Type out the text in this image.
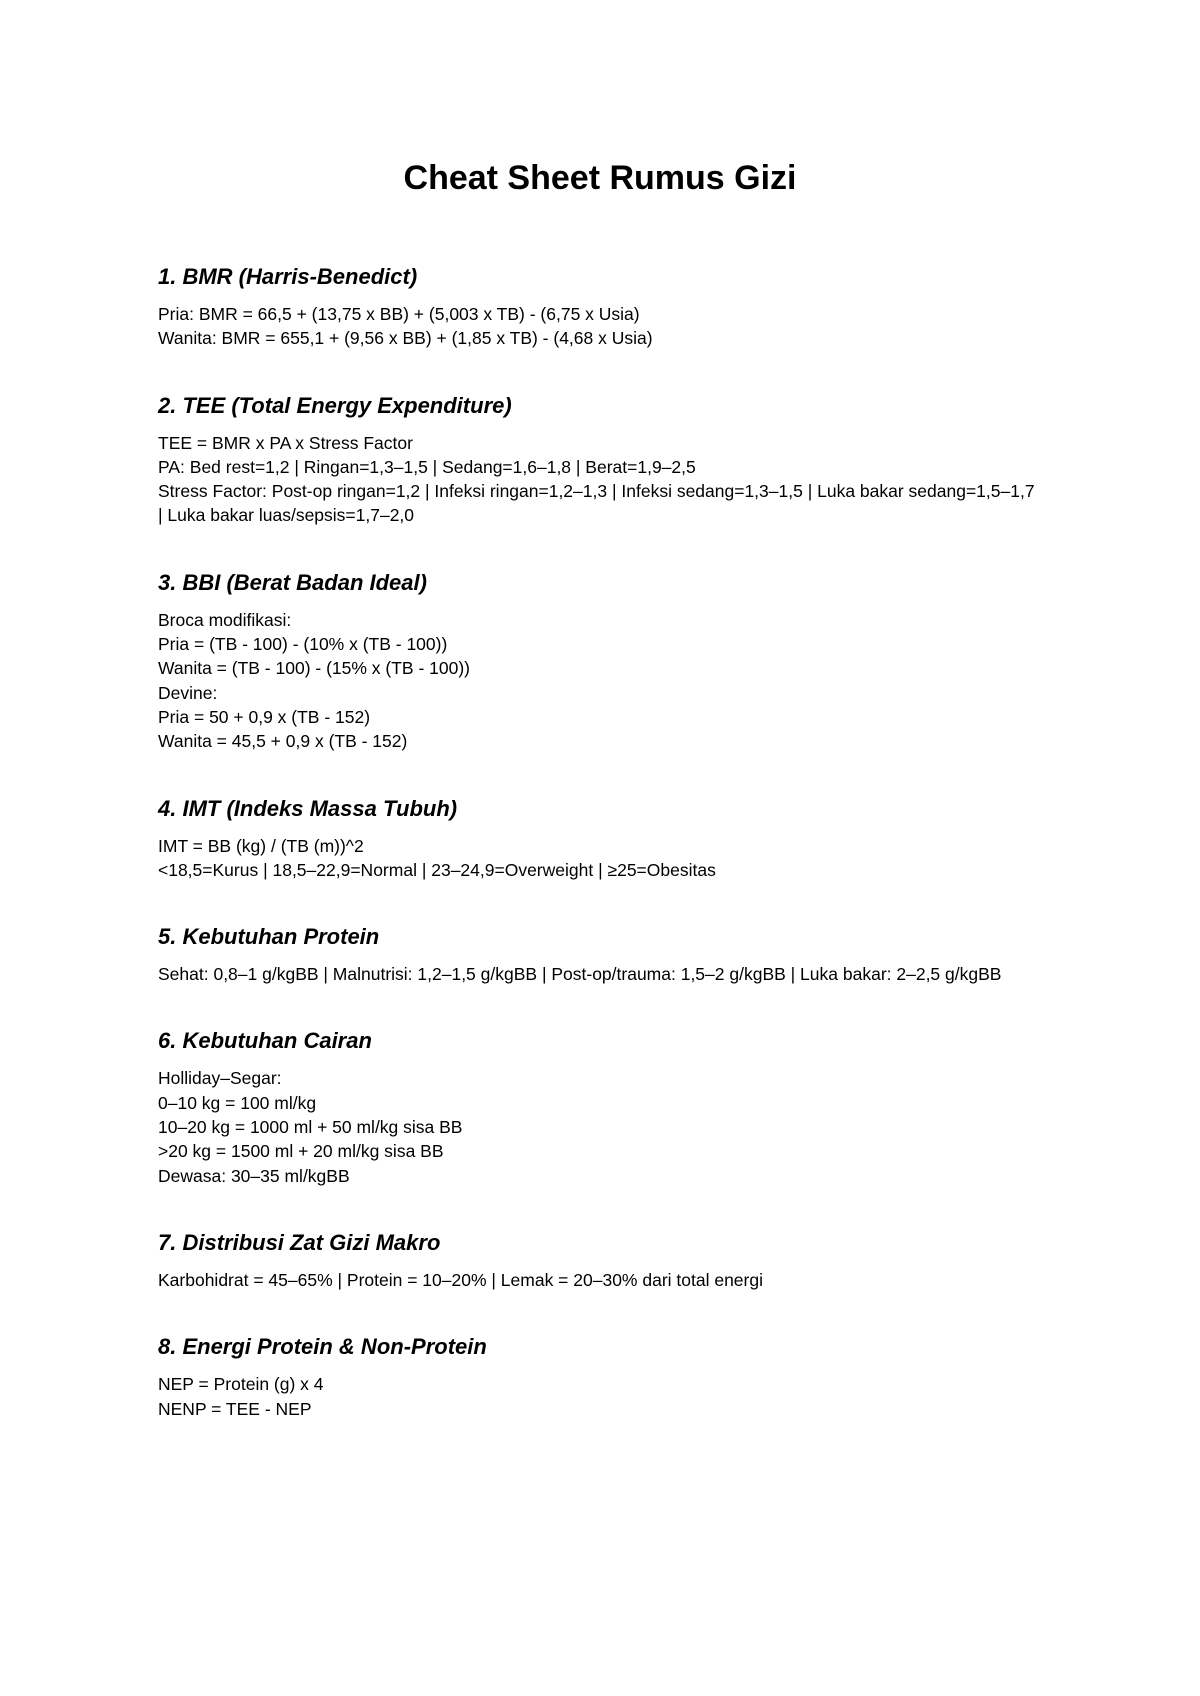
Cheat Sheet Rumus Gizi
1. BMR (Harris-Benedict)

Pria: BMR = 66,5 + (13,75 x BB) + (5,003 x TB) - (6,75 x Usia)

Wanita: BMR = 655,1 + (9,56 x BB) + (1,85 x TB) - (4,68 x Usia)

2. TEE (Total Energy Expenditure)

TEE = BMR x PA x Stress Factor

PA: Bed rest=1,2 | Ringan=1,3–1,5 | Sedang=1,6–1,8 | Berat=1,9–2,5

Stress Factor: Post-op ringan=1,2 | Infeksi ringan=1,2–1,3 | Infeksi sedang=1,3–1,5 | Luka bakar sedang=1,5–1,7 | Luka bakar luas/sepsis=1,7–2,0

3. BBI (Berat Badan Ideal)

Broca modifikasi:

Pria = (TB - 100) - (10% x (TB - 100))

Wanita = (TB - 100) - (15% x (TB - 100))

Devine:

Pria = 50 + 0,9 x (TB - 152)

Wanita = 45,5 + 0,9 x (TB - 152)

4. IMT (Indeks Massa Tubuh)

IMT = BB (kg) / (TB (m))^2

<18,5=Kurus | 18,5–22,9=Normal | 23–24,9=Overweight | ≥25=Obesitas

5. Kebutuhan Protein

Sehat: 0,8–1 g/kgBB | Malnutrisi: 1,2–1,5 g/kgBB | Post-op/trauma: 1,5–2 g/kgBB | Luka bakar: 2–2,5 g/kgBB

6. Kebutuhan Cairan

Holliday–Segar:

0–10 kg = 100 ml/kg

10–20 kg = 1000 ml + 50 ml/kg sisa BB

>20 kg = 1500 ml + 20 ml/kg sisa BB

Dewasa: 30–35 ml/kgBB

7. Distribusi Zat Gizi Makro

Karbohidrat = 45–65% | Protein = 10–20% | Lemak = 20–30% dari total energi

8. Energi Protein & Non-Protein

NEP = Protein (g) x 4

NENP = TEE - NEP
